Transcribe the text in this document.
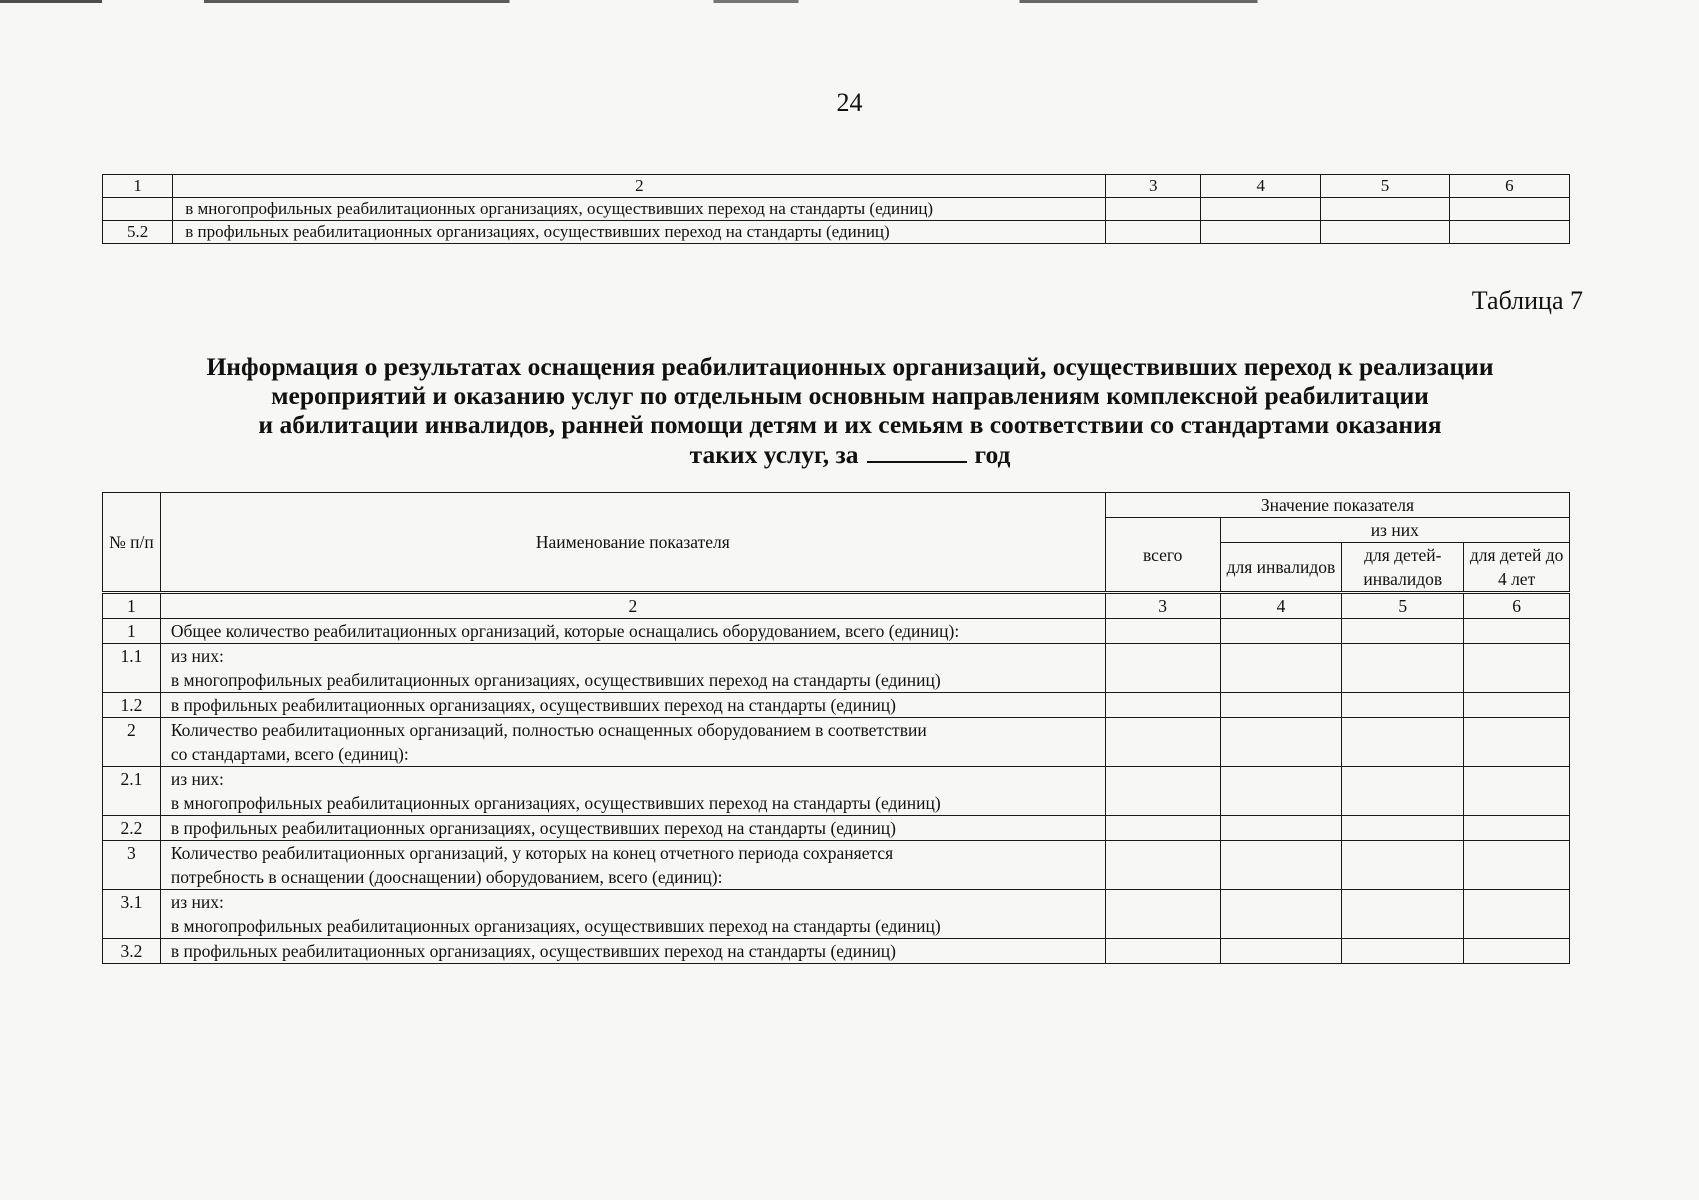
24
1	2	3	4	5	6
	в многопрофильных реабилитационных организациях, осуществивших переход на стандарты (единиц)				
5.2	в профильных реабилитационных организациях, осуществивших переход на стандарты (единиц)				
Таблица 7
Информация о результатах оснащения реабилитационных организаций, осуществивших переход к реализации
мероприятий и оказанию услуг по отдельным основным направлениям комплексной реабилитации
и абилитации инвалидов, ранней помощи детям и их семьям в соответствии со стандартами оказания
таких услуг, за	год
№ п/п	Наименование показателя	Значение показателя			
		всего	из них		
			для инвалидов	для детей-инвалидов	для детей до 4 лет
1	2	3	4	5	6
1	Общее количество реабилитационных организаций, которые оснащались оборудованием, всего (единиц):				

1.1	из них:
в многопрофильных реабилитационных организациях, осуществивших переход на стандарты (единиц)				

1.2	в профильных реабилитационных организациях, осуществивших переход на стандарты (единиц)				

2	Количество реабилитационных организаций, полностью оснащенных оборудованием в соответствии
со стандартами, всего (единиц):				

2.1	из них:
в многопрофильных реабилитационных организациях, осуществивших переход на стандарты (единиц)				

2.2	в профильных реабилитационных организациях, осуществивших переход на стандарты (единиц)				

3	Количество реабилитационных организаций, у которых на конец отчетного периода сохраняется
потребность в оснащении (дооснащении) оборудованием, всего (единиц):				

3.1	из них:
в многопрофильных реабилитационных организациях, осуществивших переход на стандарты (единиц)				

3.2	в профильных реабилитационных организациях, осуществивших переход на стандарты (единиц)				
